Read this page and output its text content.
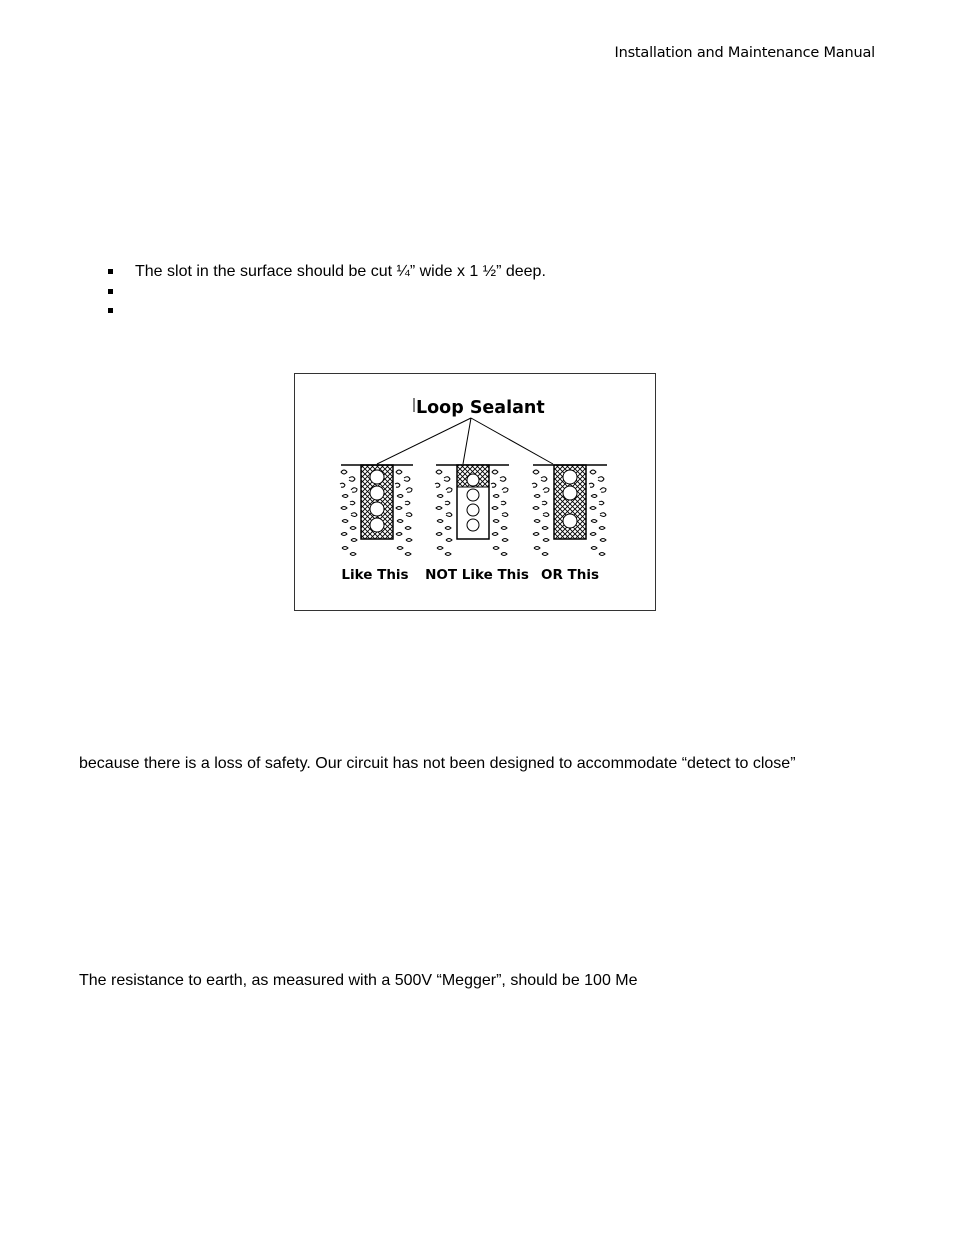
Installation and Maintenance Manual
The slot in the surface should be cut ¼” wide x 1 ½” deep.
Loop Sealant
Like This NOT Like This OR This
because there is a loss of safety. Our circuit has not been designed to accommodate “detect to close”
The resistance to earth, as measured with a 500V “Megger”, should be 100 Me
